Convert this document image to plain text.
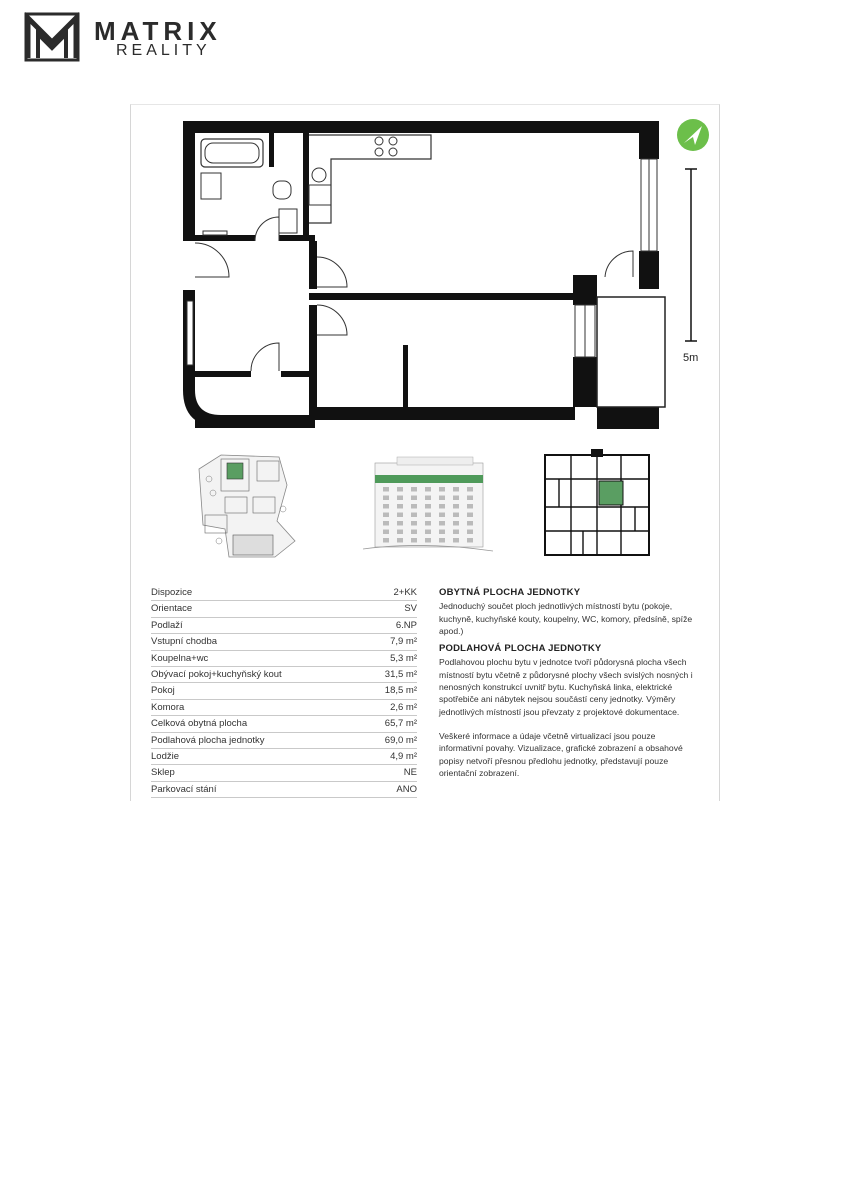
MATRIX
REALITY
5m
Dispozice	2+KK
Orientace	SV
Podlaží	6.NP
Vstupní chodba	7,9 m²
Koupelna+wc	5,3 m²
Obývací pokoj+kuchyňský kout	31,5 m²
Pokoj	18,5 m²
Komora	2,6 m²
Celková obytná plocha	65,7 m²
Podlahová plocha jednotky	69,0 m²
Lodžie	4,9 m²
Sklep	NE
Parkovací stání	ANO
OBYTNÁ PLOCHA JEDNOTKY

Jednoduchý součet ploch jednotlivých místností bytu (pokoje, kuchyně, kuchyňské kouty, koupelny, WC, komory, předsíně, spíže apod.)

PODLAHOVÁ PLOCHA JEDNOTKY

Podlahovou plochu bytu v jednotce tvoří půdorysná plocha všech místností bytu včetně z půdorysné plochy všech svislých nosných i nenosných konstrukcí uvnitř bytu. Kuchyňská linka, elektrické spotřebiče ani nábytek nejsou součástí ceny jednotky. Výměry jednotlivých místností jsou převzaty z projektové dokumentace.

Veškeré informace a údaje včetně virtualizací jsou pouze informativní povahy. Vizualizace, grafické zobrazení a obsahové popisy netvoří přesnou předlohu jednotky, představují pouze orientační zobrazení.
